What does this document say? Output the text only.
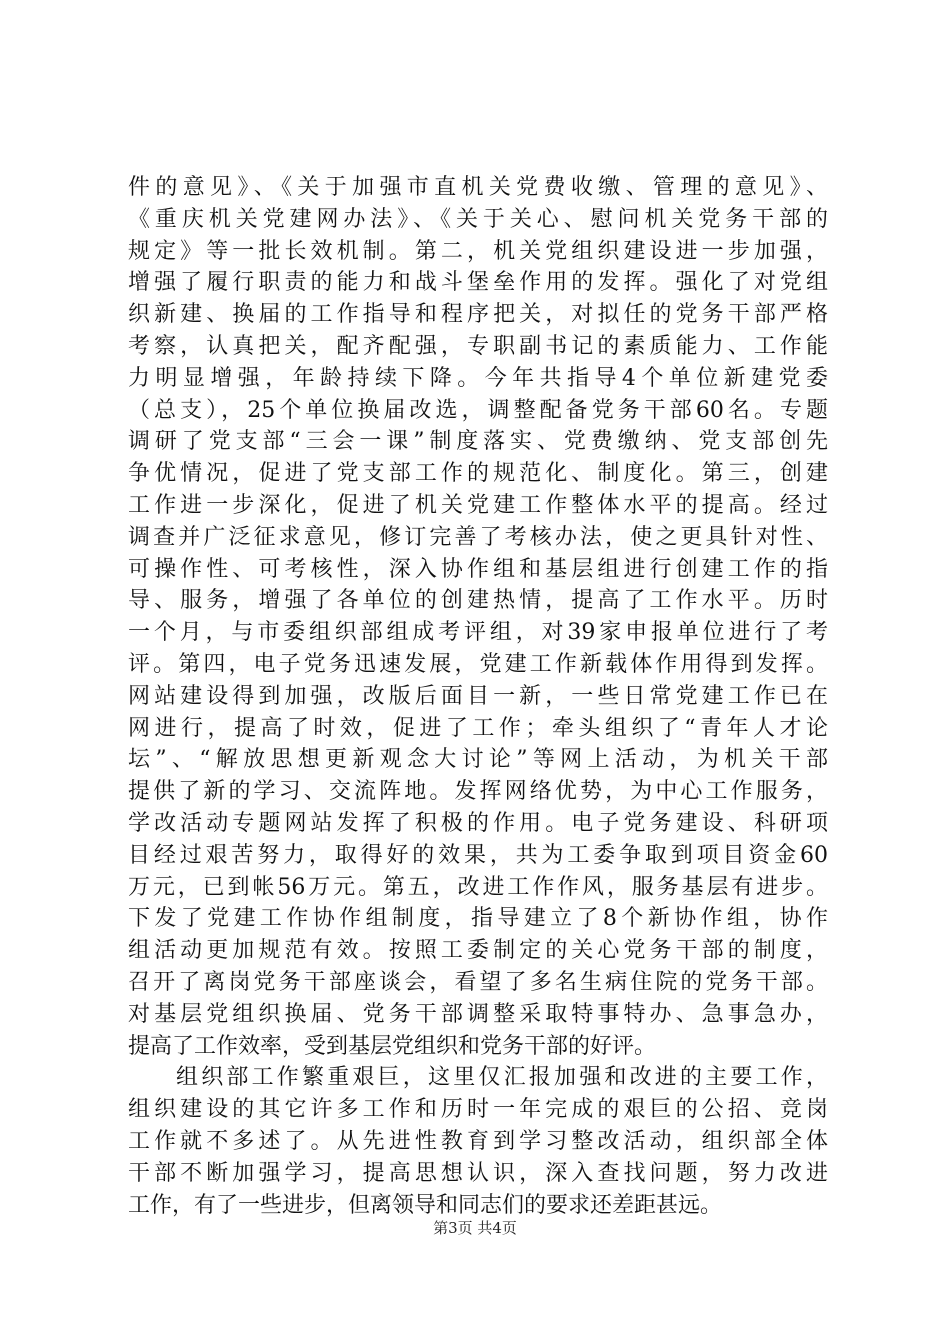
件的意见》、《关于加强市直机关党费收缴、管理的意见》、
《重庆机关党建网办法》、《关于关心、慰问机关党务干部的
规定》等一批长效机制。第二，机关党组织建设进一步加强，
增强了履行职责的能力和战斗堡垒作用的发挥。强化了对党组
织新建、换届的工作指导和程序把关，对拟任的党务干部严格
考察，认真把关，配齐配强，专职副书记的素质能力、工作能
力明显增强，年龄持续下降。今年共指导4个单位新建党委
（总支），25个单位换届改选，调整配备党务干部60名。专题
调研了党支部“三会一课”制度落实、党费缴纳、党支部创先
争优情况，促进了党支部工作的规范化、制度化。第三，创建
工作进一步深化，促进了机关党建工作整体水平的提高。经过
调查并广泛征求意见，修订完善了考核办法，使之更具针对性、
可操作性、可考核性，深入协作组和基层组进行创建工作的指
导、服务，增强了各单位的创建热情，提高了工作水平。历时
一个月，与市委组织部组成考评组，对39家申报单位进行了考
评。第四，电子党务迅速发展，党建工作新载体作用得到发挥。
网站建设得到加强，改版后面目一新，一些日常党建工作已在
网进行，提高了时效，促进了工作；牵头组织了“青年人才论
坛”、“解放思想更新观念大讨论”等网上活动，为机关干部
提供了新的学习、交流阵地。发挥网络优势，为中心工作服务，
学改活动专题网站发挥了积极的作用。电子党务建设、科研项
目经过艰苦努力，取得好的效果，共为工委争取到项目资金60
万元，已到帐56万元。第五，改进工作作风，服务基层有进步。
下发了党建工作协作组制度，指导建立了8个新协作组，协作
组活动更加规范有效。按照工委制定的关心党务干部的制度，
召开了离岗党务干部座谈会，看望了多名生病住院的党务干部。
对基层党组织换届、党务干部调整采取特事特办、急事急办，
提高了工作效率，受到基层党组织和党务干部的好评。
组织部工作繁重艰巨，这里仅汇报加强和改进的主要工作，
组织建设的其它许多工作和历时一年完成的艰巨的公招、竞岗
工作就不多述了。从先进性教育到学习整改活动，组织部全体
干部不断加强学习，提高思想认识，深入查找问题，努力改进
工作，有了一些进步，但离领导和同志们的要求还差距甚远。
第3页 共4页
